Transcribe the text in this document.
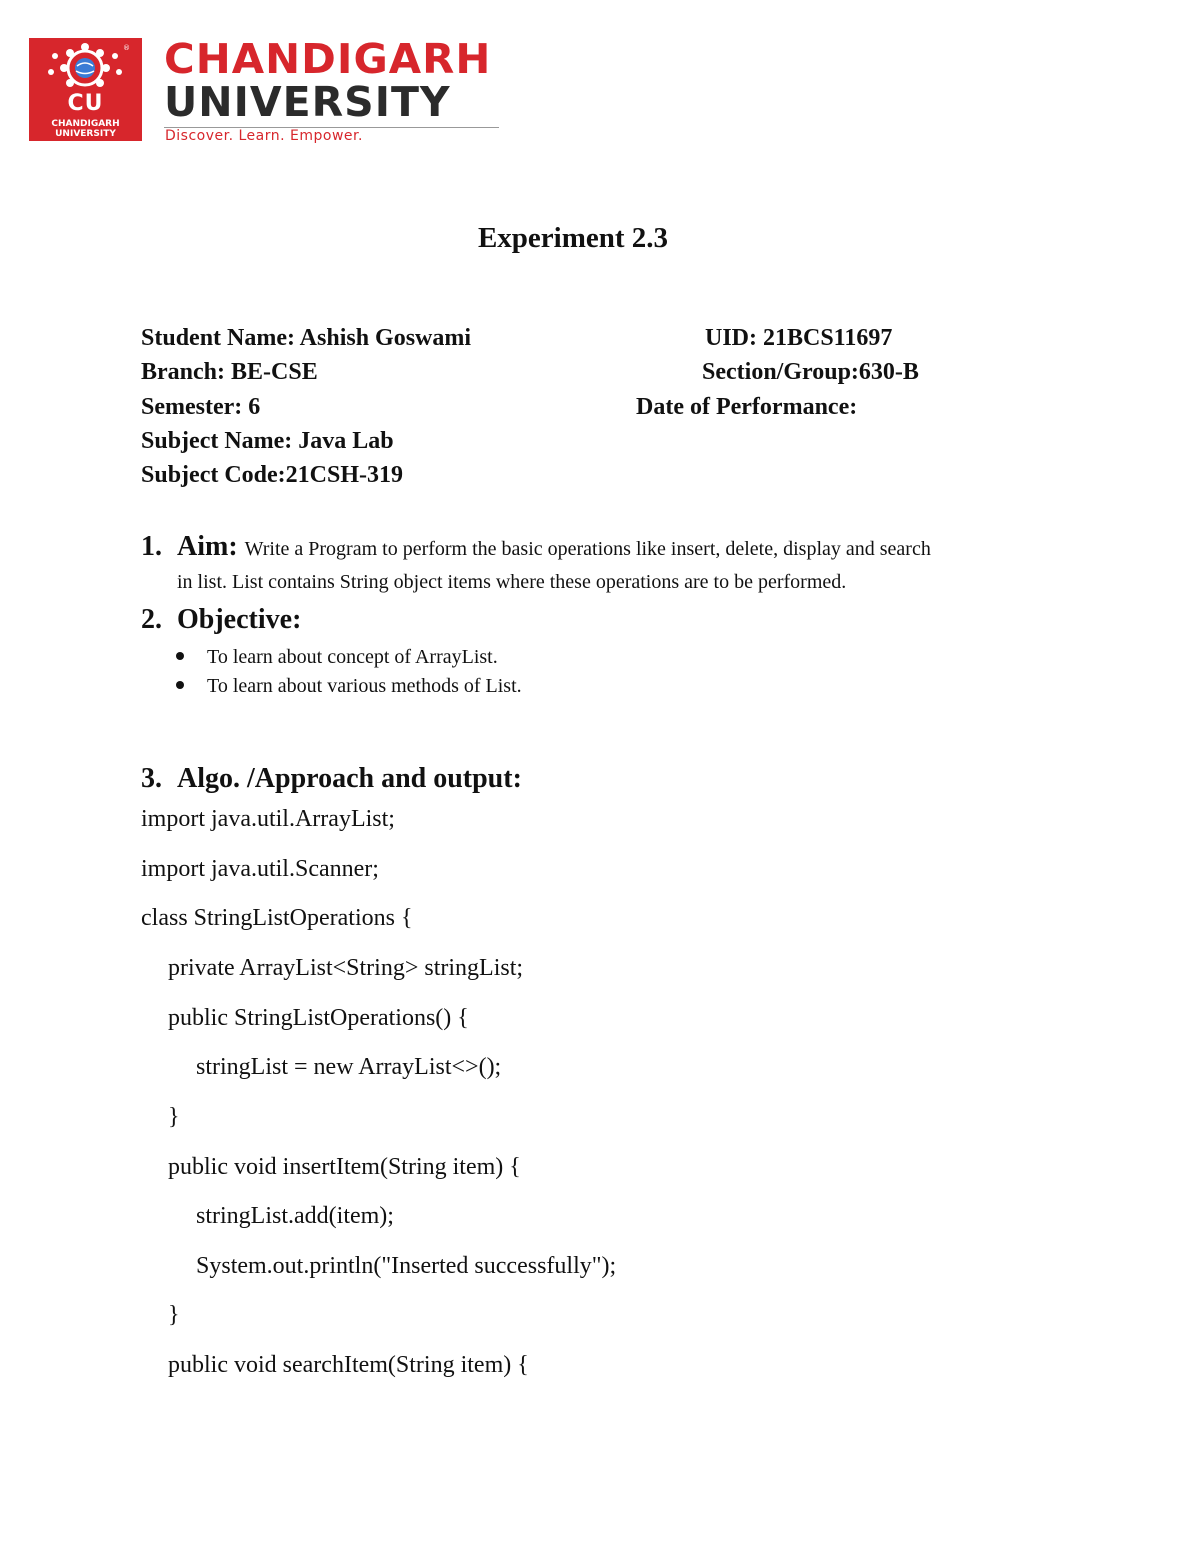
®
CU
CHANDIGARH
UNIVERSITY
CHANDIGARH
UNIVERSITY
Discover. Learn. Empower.
Experiment 2.3
Student Name: Ashish Goswami	UID: 21BCS11697
Branch: BE-CSE	Section/Group:630-B
Semester: 6	Date of Performance:
Subject Name: Java Lab
Subject Code:21CSH-319
1. Aim: Write a Program to perform the basic operations like insert, delete, display and search
in list. List contains String object items where these operations are to be performed.
2. Objective:
To learn about concept of ArrayList.
To learn about various methods of List.
3. Algo. /Approach and output:
import java.util.ArrayList;
import java.util.Scanner;
class StringListOperations {
private ArrayList<String> stringList;
public StringListOperations() {
stringList = new ArrayList<>();
}
public void insertItem(String item) {
stringList.add(item);
System.out.println("Inserted successfully");
}
public void searchItem(String item) {
